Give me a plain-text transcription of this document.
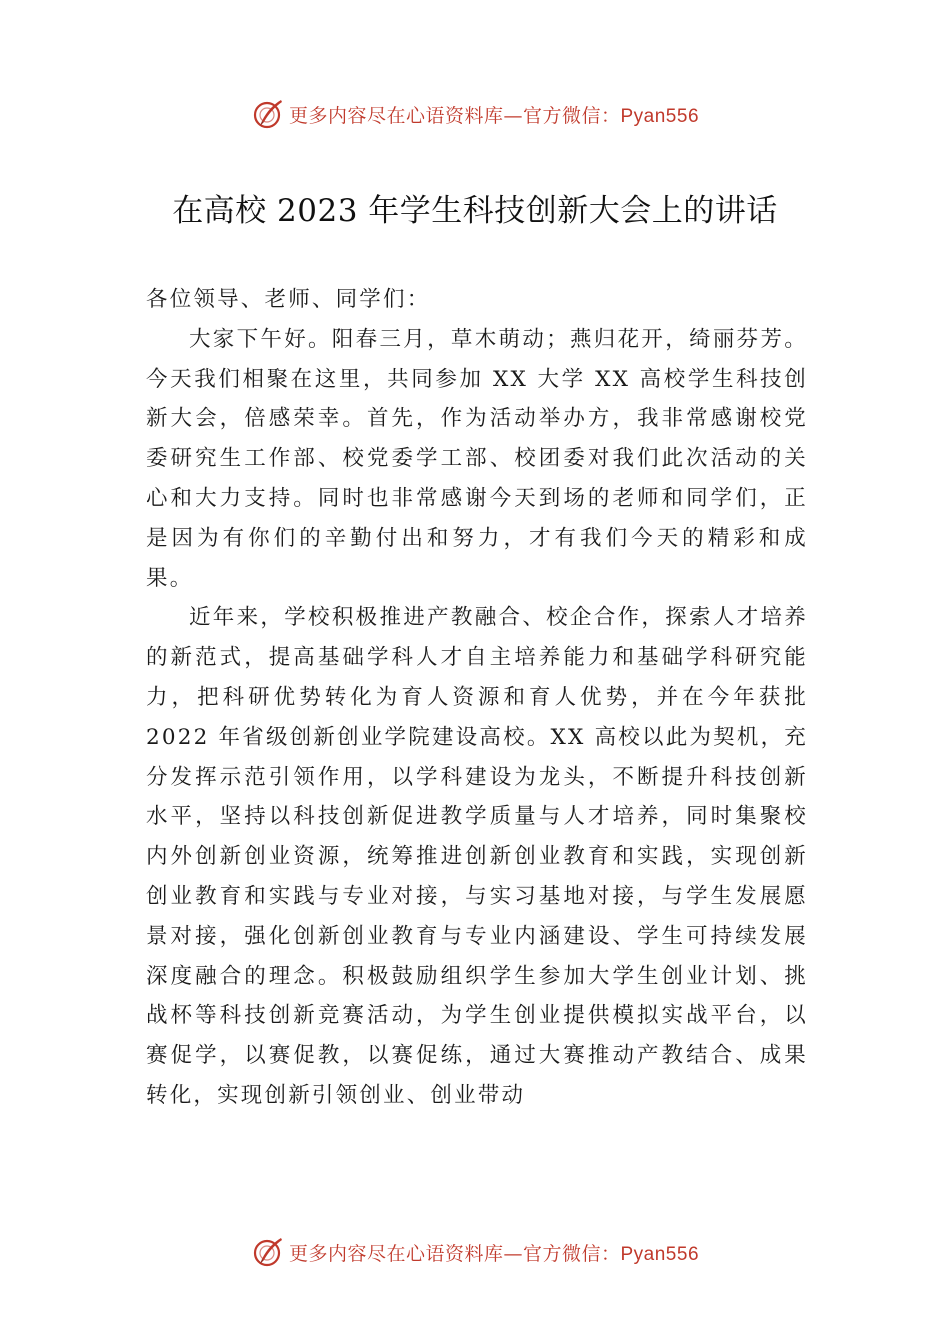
更多内容尽在心语资料库—官方微信：Pyan556
在高校 2023 年学生科技创新大会上的讲话

各位领导、老师、同学们：

大家下午好。阳春三月，草木萌动；燕归花开，绮丽芬芳。今天我们相聚在这里，共同参加 XX 大学 XX 高校学生科技创新大会，倍感荣幸。首先，作为活动举办方，我非常感谢校党委研究生工作部、校党委学工部、校团委对我们此次活动的关心和大力支持。同时也非常感谢今天到场的老师和同学们，正是因为有你们的辛勤付出和努力，才有我们今天的精彩和成果。

近年来，学校积极推进产教融合、校企合作，探索人才培养的新范式，提高基础学科人才自主培养能力和基础学科研究能力，把科研优势转化为育人资源和育人优势，并在今年获批 2022 年省级创新创业学院建设高校。XX 高校以此为契机，充分发挥示范引领作用，以学科建设为龙头，不断提升科技创新水平，坚持以科技创新促进教学质量与人才培养，同时集聚校内外创新创业资源，统筹推进创新创业教育和实践，实现创新创业教育和实践与专业对接，与实习基地对接，与学生发展愿景对接，强化创新创业教育与专业内涵建设、学生可持续发展深度融合的理念。积极鼓励组织学生参加大学生创业计划、挑战杯等科技创新竞赛活动，为学生创业提供模拟实战平台，以赛促学，以赛促教，以赛促练，通过大赛推动产教结合、成果转化，实现创新引领创业、创业带动

更多内容尽在心语资料库—官方微信：Pyan556
